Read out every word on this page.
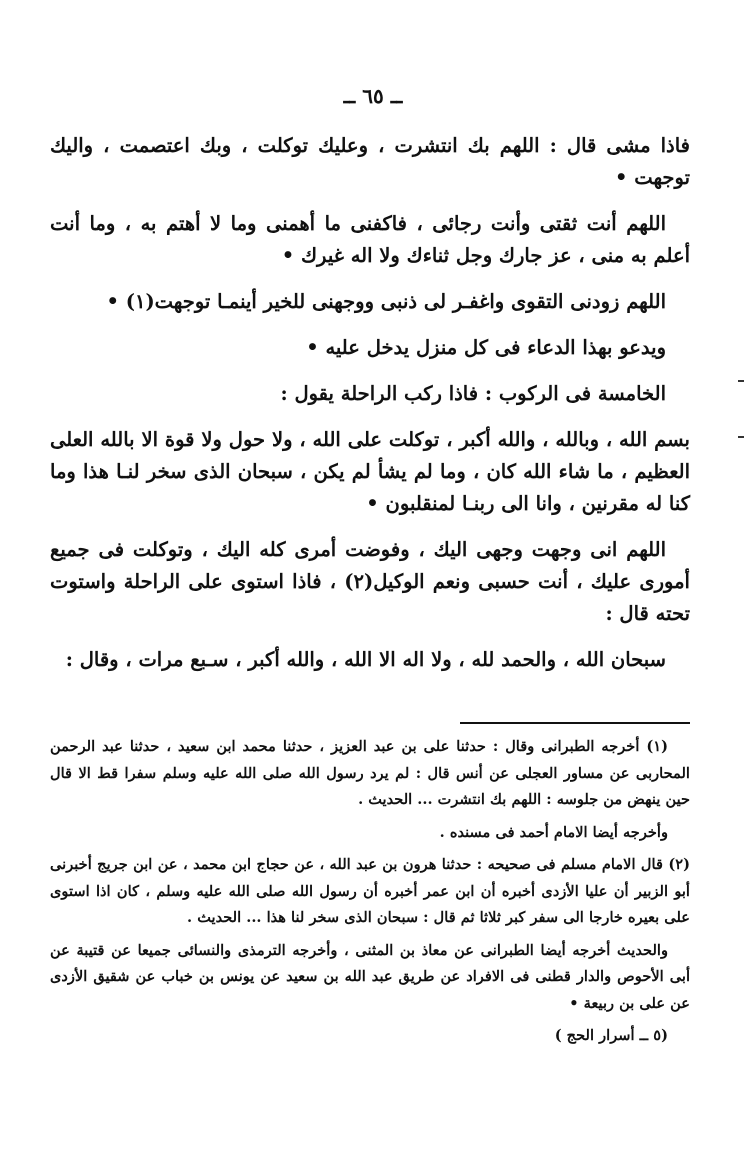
ــ ٦٥ ــ

فاذا مشى قال : اللهم بك انتشرت ، وعليك توكلت ، وبك اعتصمت ، واليك توجهت •

اللهم أنت ثقتى وأنت رجائى ، فاكفنى ما أهمنى وما لا أهتم به ، وما أنت أعلم به منى ، عز جارك وجل ثناءك ولا اله غيرك •

اللهم زودنى التقوى واغفـر لى ذنبى ووجهنى للخير أينمـا توجهت(١) •

ويدعو بهذا الدعاء فى كل منزل يدخل عليه •

الخامسة فى الركوب : فاذا ركب الراحلة يقول :

بسم الله ، وبالله ، والله أكبر ، توكلت على الله ، ولا حول ولا قوة الا بالله العلى العظيم ، ما شاء الله كان ، وما لم يشأ لم يكن ، سبحان الذى سخر لنـا هذا وما كنا له مقرنين ، وانا الى ربنـا لمنقلبون •

اللهم انى وجهت وجهى اليك ، وفوضت أمرى كله اليك ، وتوكلت فى جميع أمورى عليك ، أنت حسبى ونعم الوكيل(٢) ، فاذا استوى على الراحلة واستوت تحته قال :

سبحان الله ، والحمد لله ، ولا اله الا الله ، والله أكبر ، سـبع مرات ، وقال :

(١) أخرجه الطبرانى وقال : حدثنا على بن عبد العزيز ، حدثنا محمد ابن سعيد ، حدثنا عبد الرحمن المحاربى عن مساور العجلى عن أنس قال : لم يرد رسول الله صلى الله عليه وسلم سفرا قط الا قال حين ينهض من جلوسه : اللهم بك انتشرت ... الحديث .

وأخرجه أيضا الامام أحمد فى مسنده .

(٢) قال الامام مسلم فى صحيحه : حدثنا هرون بن عبد الله ، عن حجاج ابن محمد ، عن ابن جريج أخبرنى أبو الزبير أن عليا الأزدى أخبره أن ابن عمر أخبره أن رسول الله صلى الله عليه وسلم ، كان اذا استوى على بعيره خارجا الى سفر كبر ثلاثا ثم قال : سبحان الذى سخر لنا هذا ... الحديث .

والحديث أخرجه أيضا الطبرانى عن معاذ بن المثنى ، وأخرجه الترمذى والنسائى جميعا عن قتيبة عن أبى الأحوص والدار قطنى فى الافراد عن طريق عبد الله بن سعيد عن يونس بن خباب عن شقيق الأزدى عن على بن ربيعة •

(٥ ــ أسرار الحج )
